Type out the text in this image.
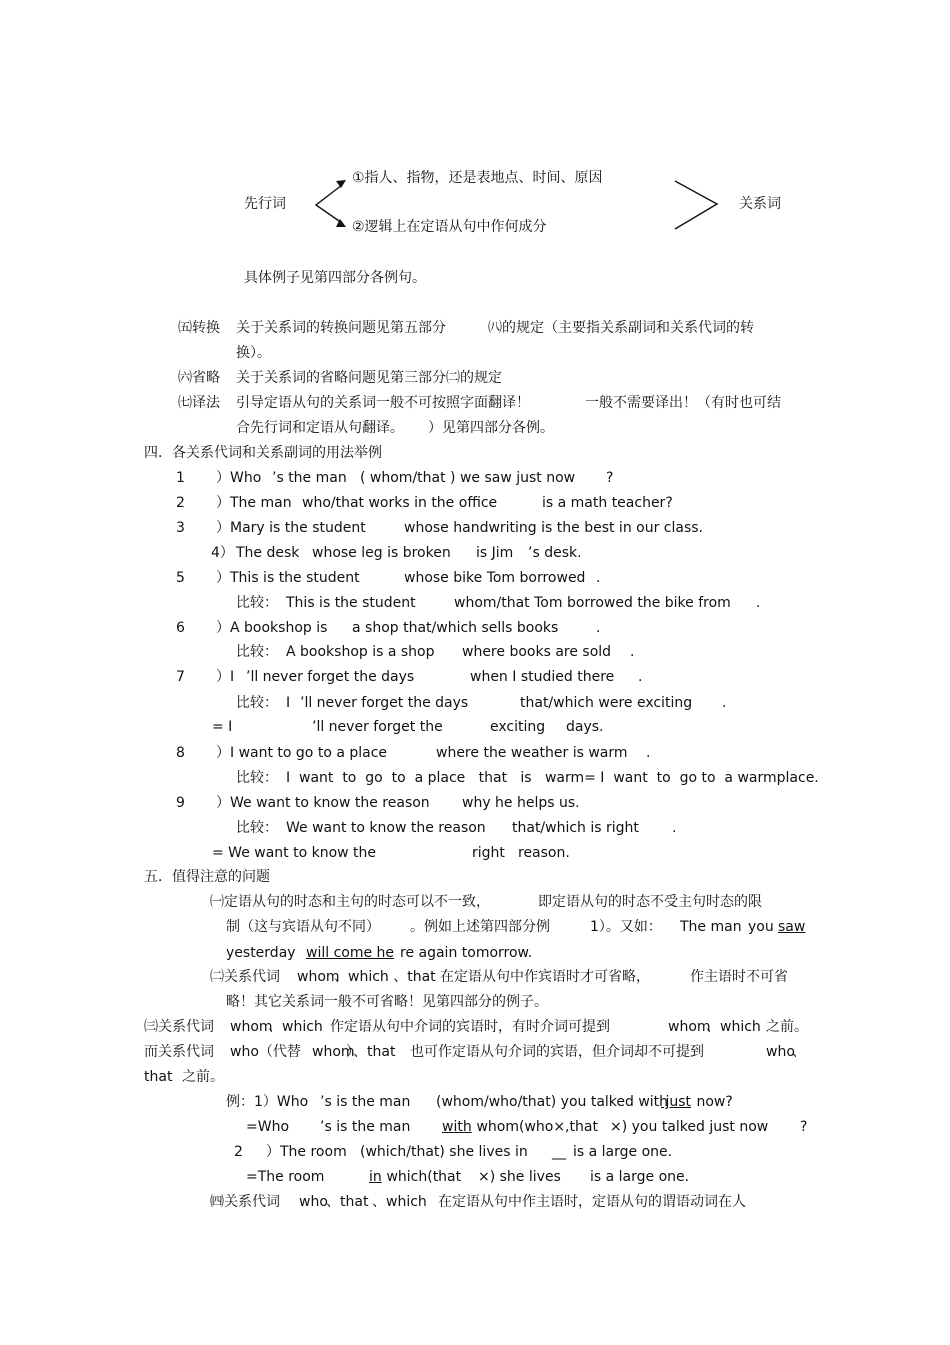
先行词
①指人、指物，还是表地点、时间、原因
②逻辑上在定语从句中作何成分
关系词
具体例子见第四部分各例句。
㈤转换 关于关系词的转换问题见第五部分	㈧的规定（主要指关系副词和关系代词的转
换）。
㈥省略 关于关系词的省略问题见第三部分㈡的规定
㈦译法 引导定语从句的关系词一般不可按照字面翻译！	一般不需要译出！（有时也可结
合先行词和定语从句翻译。 ）见第四部分各例。
四．各关系代词和关系副词的用法举例
1 ）Who ’s the man ( whom/that ) we saw just now ?
2 ）The man who/that works in the office	is a math teacher?
3 ）Mary is the student	whose handwriting is the best in our class.
4） The desk whose leg is broken is Jim ’s desk.
5 ）This is the student	whose bike Tom borrowed .
比较： This is the student	whom/that Tom borrowed the bike from .
6 ）A bookshop is a shop that/which sells books	.
比较： A bookshop is a shop where books are sold .
7 ）I ’ll never forget the days	when I studied there .
比较： I ’ll never forget the days	that/which were exciting .
= I	’ll never forget the	exciting days.
8 ）I want to go to a place	where the weather is warm .
比较： I  want  to  go  to  a place   that   is   warm= I  want  to  go to  a warmplace.
9 ）We want to know the reason why he helps us.
比较： We want to know the reason that/which is right .
= We want to know the	right reason.
五．值得注意的问题
㈠定语从句的时态和主句的时态可以不一致，	即定语从句的时态不受主句时态的限
制（这与宾语从句不同） 。例如上述第四部分例	1）。又如： The man you saw
yesterday will come he re again tomorrow.
㈡关系代词 whom
、which 、that 在定语从句中作宾语时才可省略，	作主语时不可省
略！其它关系词一般不可省略！见第四部分的例子。
㈢关系代词 whom
、which 作定语从句中介词的宾语时，有时介词可提到	whom
、which 之前。
而关系代词 who（代替 whom
）、that 也可作定语从句介词的宾语，但介词却不可提到	who
、
that 之前。
例：1）Who ’s is the man (whom/who/that) you talked with
just now?
=Who ’s is the man with whom(who×,that ×) you talked just now ?
2 ）The room (which/that) she lives in __ is a large one.
=The room	in which(that ×) she lives is a large one.
㈣关系代词 who
、that 、which 在定语从句中作主语时，定语从句的谓语动词在人
